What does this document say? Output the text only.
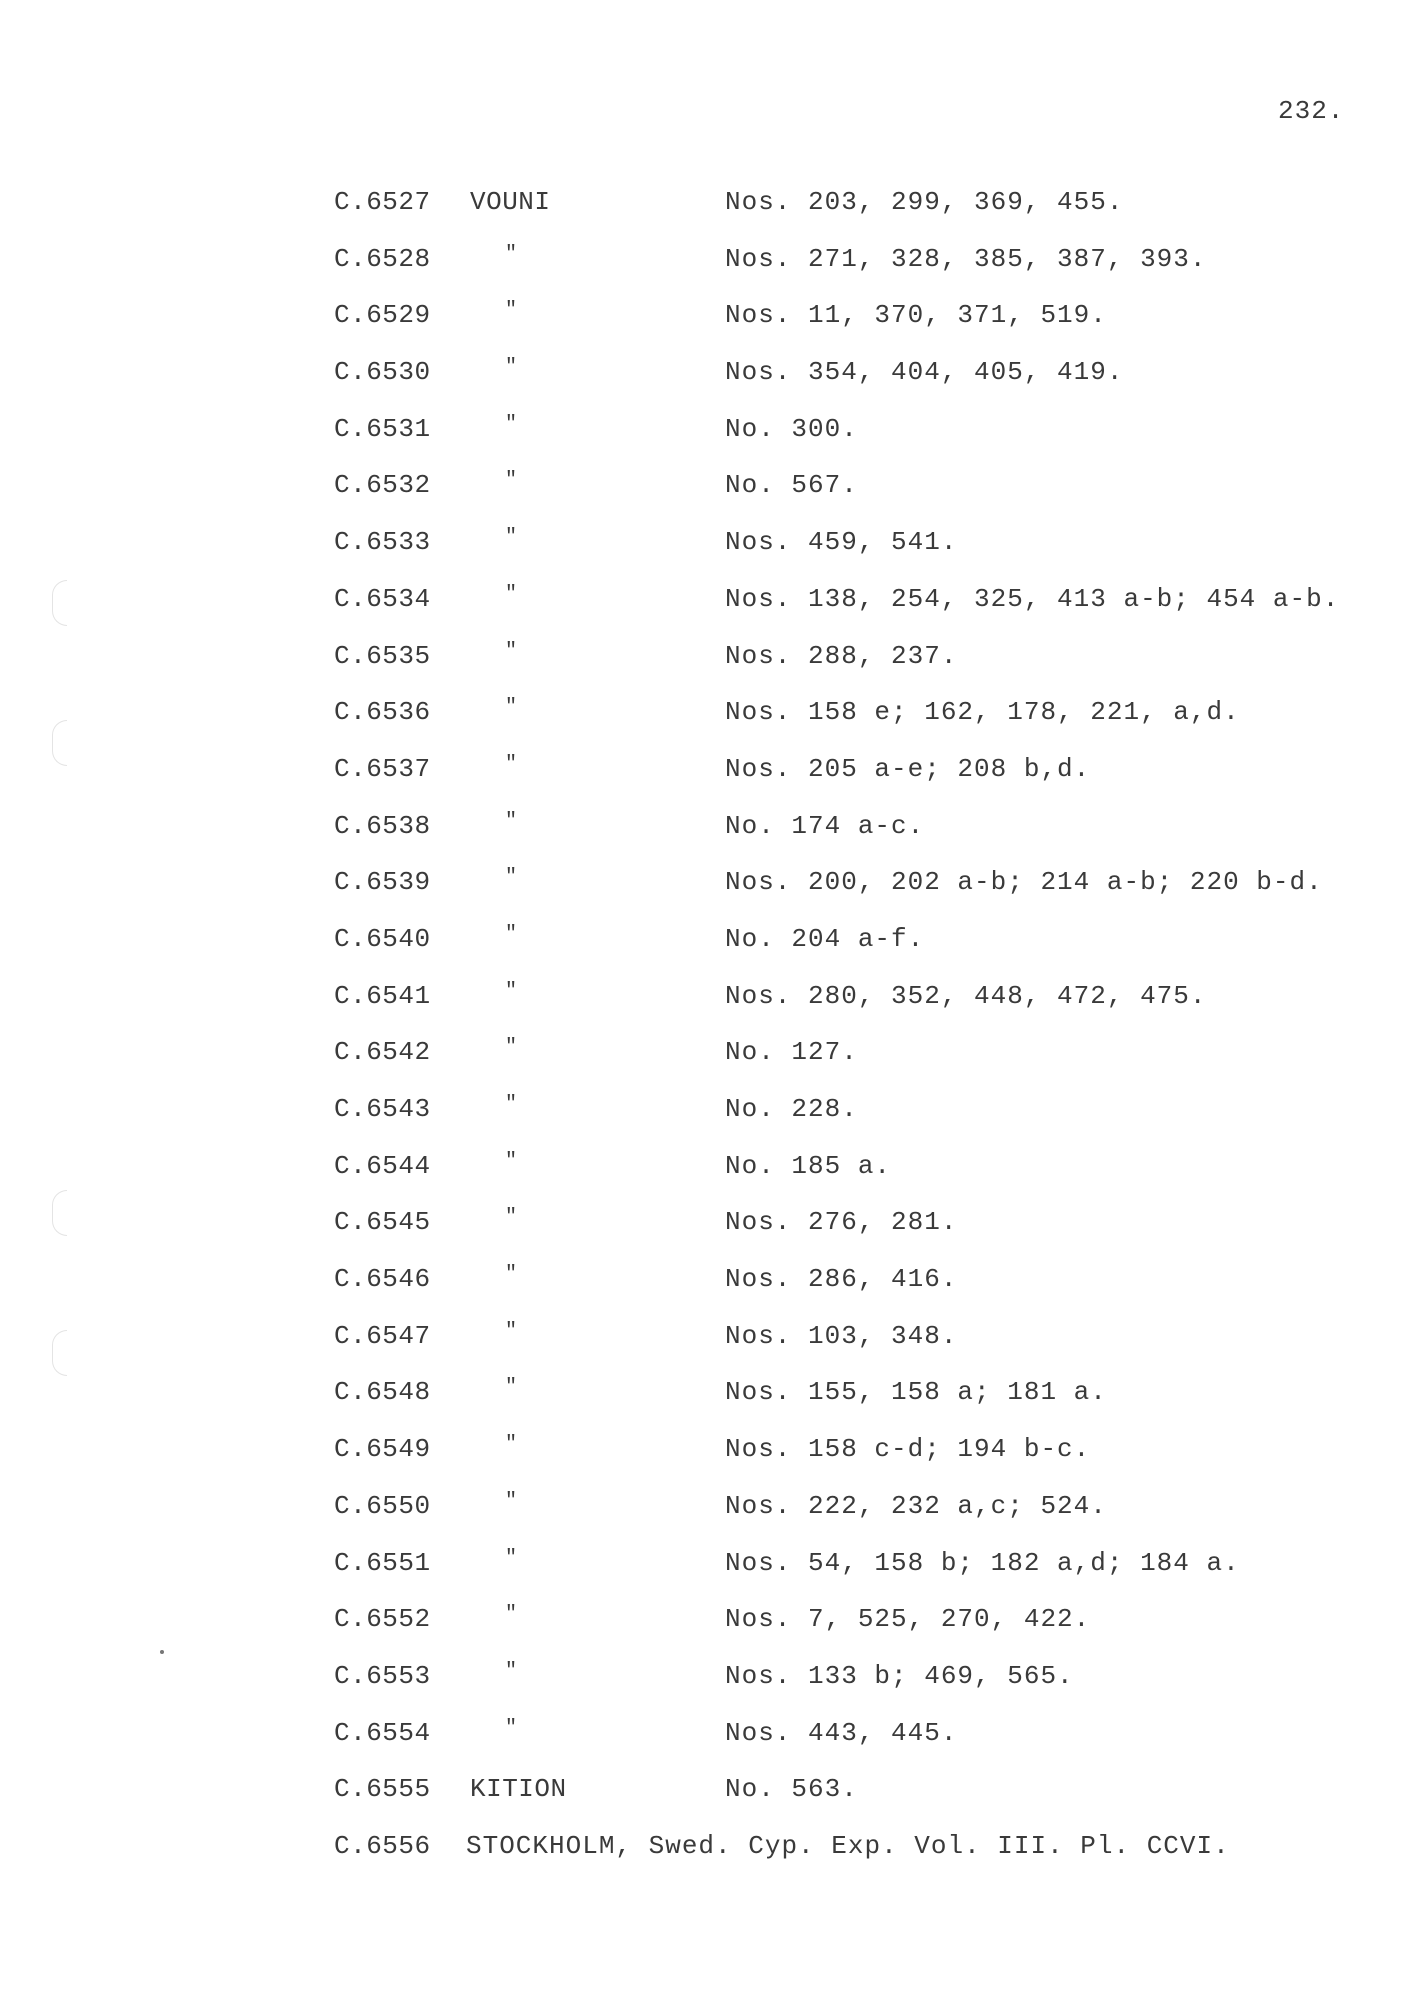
232.
C.6527 VOUNI	Nos. 203, 299, 369, 455.
C.6528	"	Nos. 271, 328, 385, 387, 393.
C.6529	"	Nos. 11, 370, 371, 519.
C.6530	"	Nos. 354, 404, 405, 419.
C.6531	"	No. 300.
C.6532	"	No. 567.
C.6533	"	Nos. 459, 541.
C.6534	"	Nos. 138, 254, 325, 413 a-b; 454 a-b.
C.6535	"	Nos. 288, 237.
C.6536	"	Nos. 158 e; 162, 178, 221, a,d.
C.6537	"	Nos. 205 a-e; 208 b,d.
C.6538	"	No. 174 a-c.
C.6539	"	Nos. 200, 202 a-b; 214 a-b; 220 b-d.
C.6540	"	No. 204 a-f.
C.6541	"	Nos. 280, 352, 448, 472, 475.
C.6542	"	No. 127.
C.6543	"	No. 228.
C.6544	"	No. 185 a.
C.6545	"	Nos. 276, 281.
C.6546	"	Nos. 286, 416.
C.6547	"	Nos. 103, 348.
C.6548	"	Nos. 155, 158 a; 181 a.
C.6549	"	Nos. 158 c-d; 194 b-c.
C.6550	"	Nos. 222, 232 a,c; 524.
C.6551	"	Nos. 54, 158 b; 182 a,d; 184 a.
C.6552	"	Nos. 7, 525, 270, 422.
C.6553	"	Nos. 133 b; 469, 565.
C.6554	"	Nos. 443, 445.
C.6555 KITION	No. 563.
C.6556 STOCKHOLM, Swed. Cyp. Exp. Vol. III. Pl. CCVI.
